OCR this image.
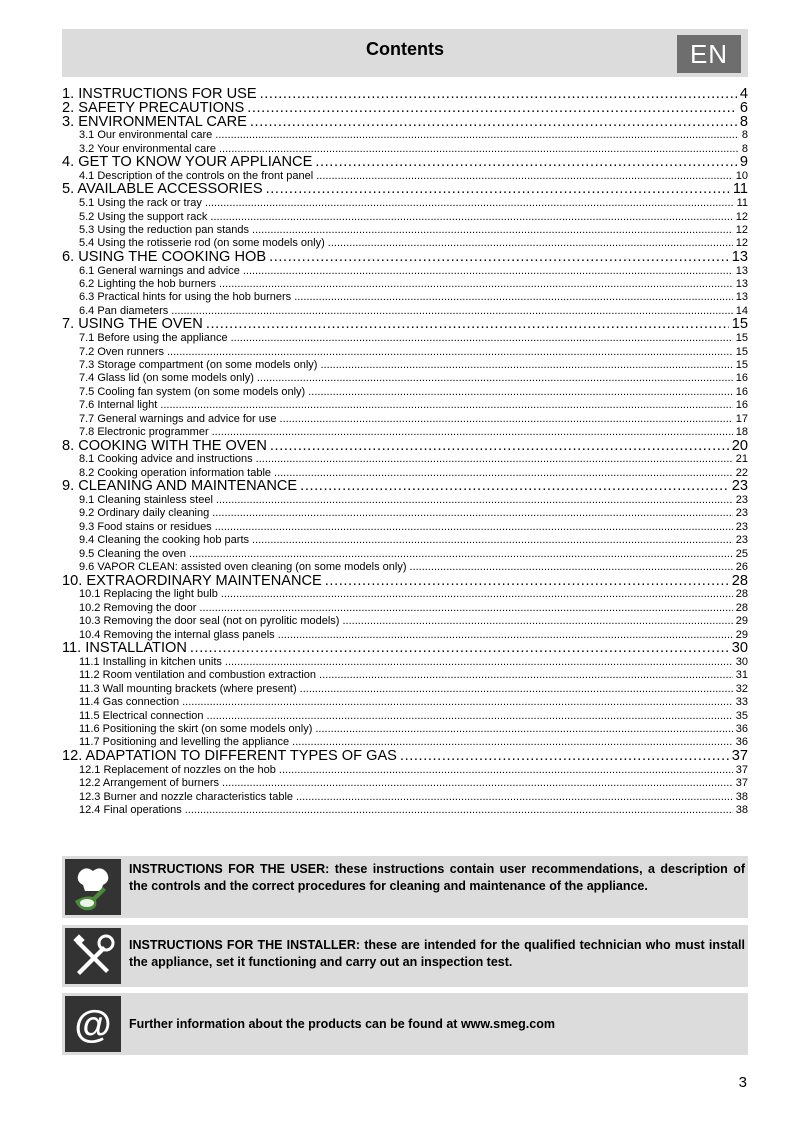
Contents	EN
1. INSTRUCTIONS FOR USE .....	4
2. SAFETY PRECAUTIONS .....	6
3. ENVIRONMENTAL CARE .....	8
3.1 Our environmental care .....	8
3.2 Your environmental care .....	8
4. GET TO KNOW YOUR APPLIANCE .....	9
4.1 Description of the controls on the front panel .....	10
5. AVAILABLE ACCESSORIES .....	11
5.1 Using the rack or tray .....	11
5.2 Using the support rack .....	12
5.3 Using the reduction pan stands .....	12
5.4 Using the rotisserie rod (on some models only) .....	12
6. USING THE COOKING HOB .....	13
6.1 General warnings and advice .....	13
6.2 Lighting the hob burners .....	13
6.3 Practical hints for using the hob burners .....	13
6.4 Pan diameters .....	14
7. USING THE OVEN .....	15
7.1 Before using the appliance .....	15
7.2 Oven runners .....	15
7.3 Storage compartment (on some models only) .....	15
7.4 Glass lid (on some models only) .....	16
7.5 Cooling fan system (on some models only) .....	16
7.6 Internal light .....	16
7.7 General warnings and advice for use .....	17
7.8 Electronic programmer .....	18
8. COOKING WITH THE OVEN .....	20
8.1 Cooking advice and instructions .....	21
8.2 Cooking operation information table .....	22
9. CLEANING AND MAINTENANCE .....	23
9.1 Cleaning stainless steel .....	23
9.2 Ordinary daily cleaning .....	23
9.3 Food stains or residues .....	23
9.4 Cleaning the cooking hob parts .....	23
9.5 Cleaning the oven .....	25
9.6 VAPOR CLEAN: assisted oven cleaning (on some models only) .....	26
10. EXTRAORDINARY MAINTENANCE .....	28
10.1 Replacing the light bulb .....	28
10.2 Removing the door .....	28
10.3 Removing the door seal (not on pyrolitic models) .....	29
10.4 Removing the internal glass panels .....	29
11. INSTALLATION .....	30
11.1 Installing in kitchen units .....	30
11.2 Room ventilation and combustion extraction .....	31
11.3 Wall mounting brackets (where present) .....	32
11.4 Gas connection .....	33
11.5 Electrical connection .....	35
11.6 Positioning the skirt (on some models only) .....	36
11.7 Positioning and levelling the appliance .....	36
12. ADAPTATION TO DIFFERENT TYPES OF GAS .....	37
12.1 Replacement of nozzles on the hob .....	37
12.2 Arrangement of burners .....	37
12.3 Burner and nozzle characteristics table .....	38
12.4 Final operations .....	38
INSTRUCTIONS FOR THE USER: these instructions contain user recommendations, a description of the controls and the correct procedures for cleaning and maintenance of the appliance.
INSTRUCTIONS FOR THE INSTALLER: these are intended for the qualified technician who must install the appliance, set it functioning and carry out an inspection test.
@ Further information about the products can be found at www.smeg.com
3
